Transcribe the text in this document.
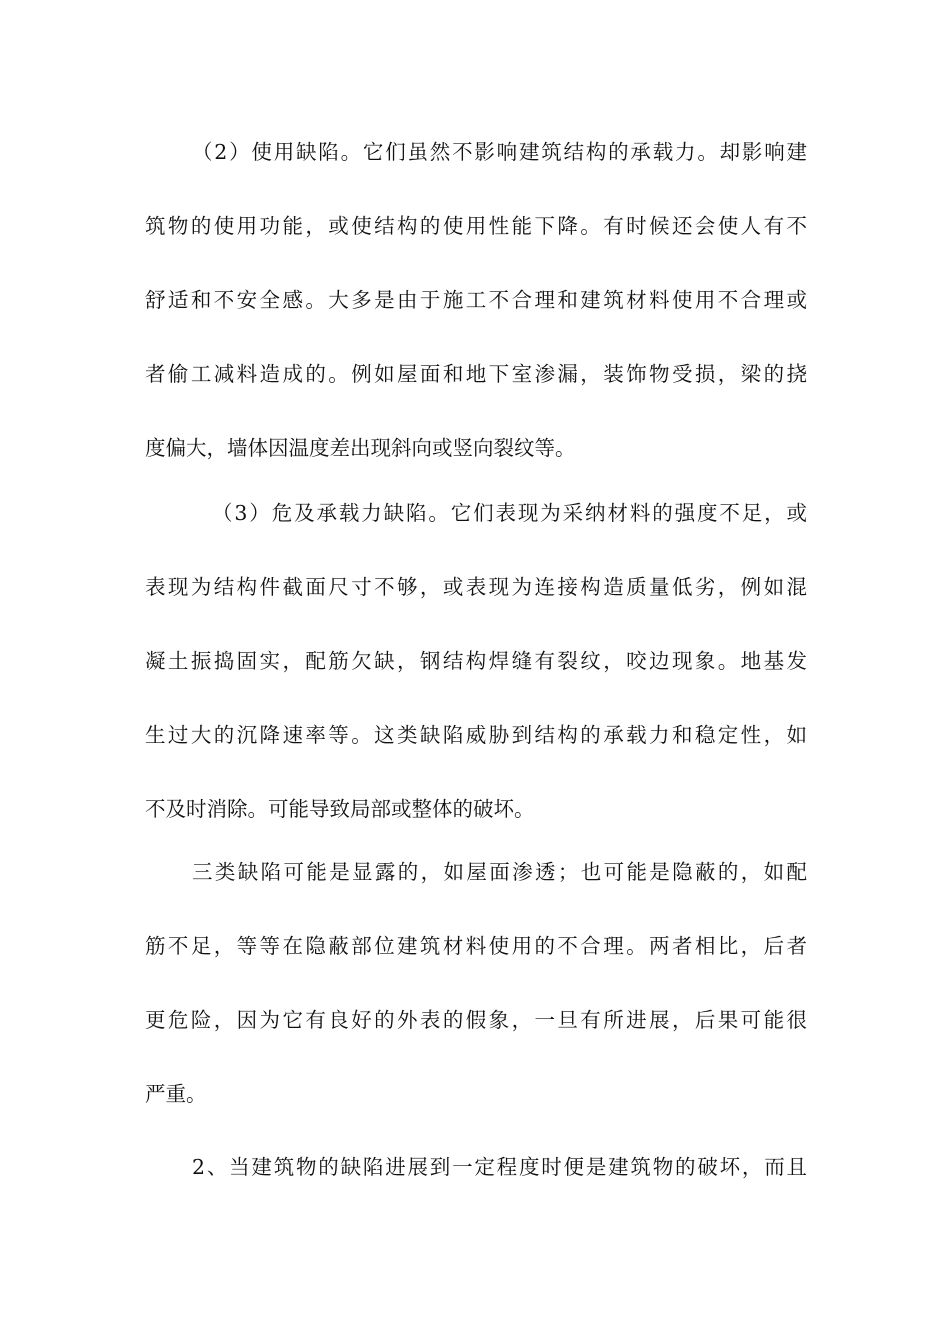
（2）使用缺陷。它们虽然不影响建筑结构的承载力。却影响建
筑物的使用功能，或使结构的使用性能下降。有时候还会使人有不
舒适和不安全感。大多是由于施工不合理和建筑材料使用不合理或
者偷工减料造成的。例如屋面和地下室渗漏，装饰物受损，梁的挠
度偏大，墙体因温度差出现斜向或竖向裂纹等。
（3）危及承载力缺陷。它们表现为采纳材料的强度不足，或
表现为结构件截面尺寸不够，或表现为连接构造质量低劣，例如混
凝土振捣固实，配筋欠缺，钢结构焊缝有裂纹，咬边现象。地基发
生过大的沉降速率等。这类缺陷威胁到结构的承载力和稳定性，如
不及时消除。可能导致局部或整体的破坏。
三类缺陷可能是显露的，如屋面渗透；也可能是隐蔽的，如配
筋不足，等等在隐蔽部位建筑材料使用的不合理。两者相比，后者
更危险，因为它有良好的外表的假象，一旦有所进展，后果可能很
严重。
2、当建筑物的缺陷进展到一定程度时便是建筑物的破坏，而且
